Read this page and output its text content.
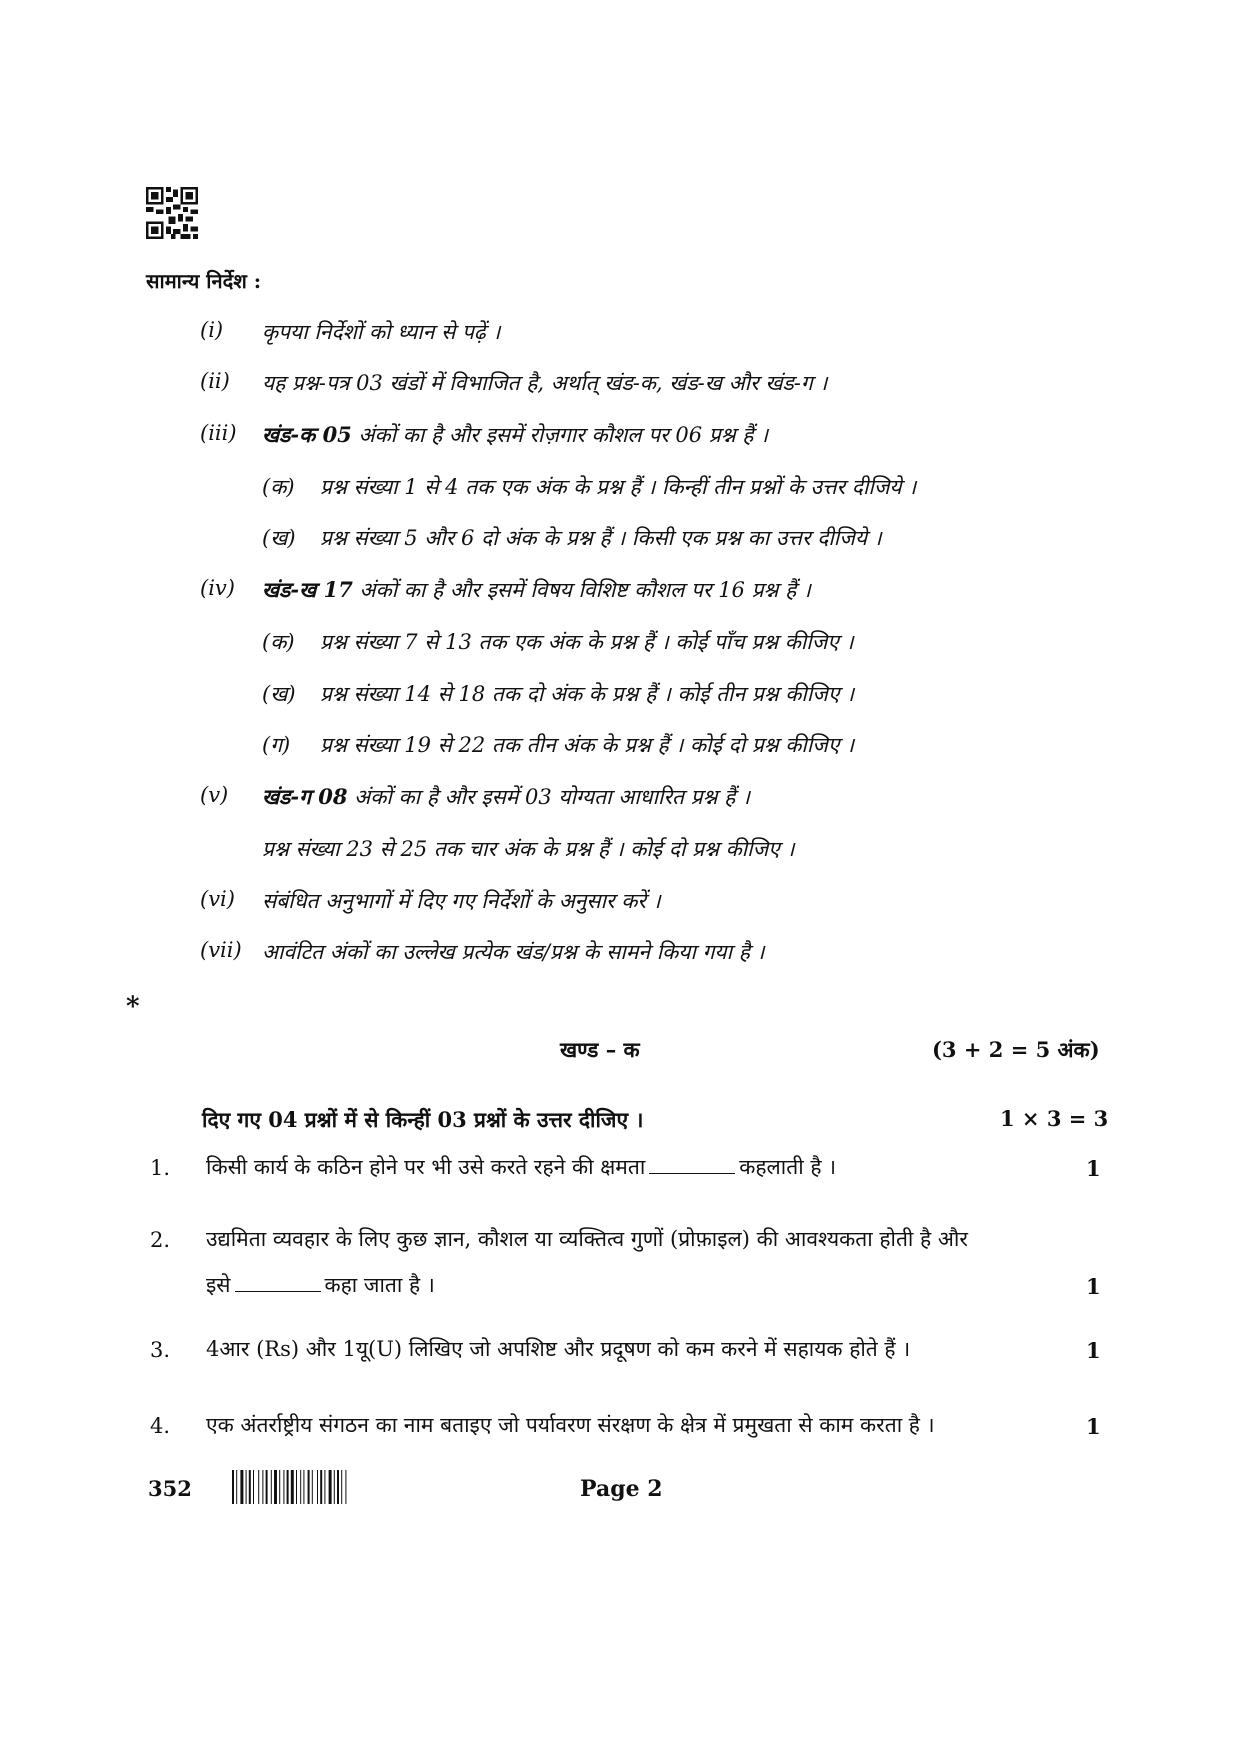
सामान्य निर्देश :
(i) कृपया निर्देशों को ध्यान से पढ़ें ।
(ii) यह प्रश्न-पत्र 03 खंडों में विभाजित है, अर्थात् खंड-क, खंड-ख और खंड-ग ।
(iii) खंड-क 05 अंकों का है और इसमें रोज़गार कौशल पर 06 प्रश्न हैं ।
(क) प्रश्न संख्या 1 से 4 तक एक अंक के प्रश्न हैं । किन्हीं तीन प्रश्नों के उत्तर दीजिये ।
(ख) प्रश्न संख्या 5 और 6 दो अंक के प्रश्न हैं । किसी एक प्रश्न का उत्तर दीजिये ।
(iv) खंड-ख 17 अंकों का है और इसमें विषय विशिष्ट कौशल पर 16 प्रश्न हैं ।
(क) प्रश्न संख्या 7 से 13 तक एक अंक के प्रश्न हैं । कोई पाँच प्रश्न कीजिए ।
(ख) प्रश्न संख्या 14 से 18 तक दो अंक के प्रश्न हैं । कोई तीन प्रश्न कीजिए ।
(ग) प्रश्न संख्या 19 से 22 तक तीन अंक के प्रश्न हैं । कोई दो प्रश्न कीजिए ।
(v) खंड-ग 08 अंकों का है और इसमें 03 योग्यता आधारित प्रश्न हैं ।
प्रश्न संख्या 23 से 25 तक चार अंक के प्रश्न हैं । कोई दो प्रश्न कीजिए ।
(vi) संबंधित अनुभागों में दिए गए निर्देशों के अनुसार करें ।
(vii) आवंटित अंकों का उल्लेख प्रत्येक खंड/प्रश्न के सामने किया गया है ।
*
खण्ड – क	(3 + 2 = 5 अंक)
दिए गए 04 प्रश्नों में से किन्हीं 03 प्रश्नों के उत्तर दीजिए ।	1 × 3 = 3
1. किसी कार्य के कठिन होने पर भी उसे करते रहने की क्षमता	कहलाती है ।	1
2. उद्यमिता व्यवहार के लिए कुछ ज्ञान, कौशल या व्यक्तित्व गुणों (प्रोफ़ाइल) की आवश्यकता होती है और
इसे	कहा जाता है ।	1
3. 4आर (Rs) और 1यू(U) लिखिए जो अपशिष्ट और प्रदूषण को कम करने में सहायक होते हैं ।	1
4. एक अंतर्राष्ट्रीय संगठन का नाम बताइए जो पर्यावरण संरक्षण के क्षेत्र में प्रमुखता से काम करता है ।	1
352	Page 2
